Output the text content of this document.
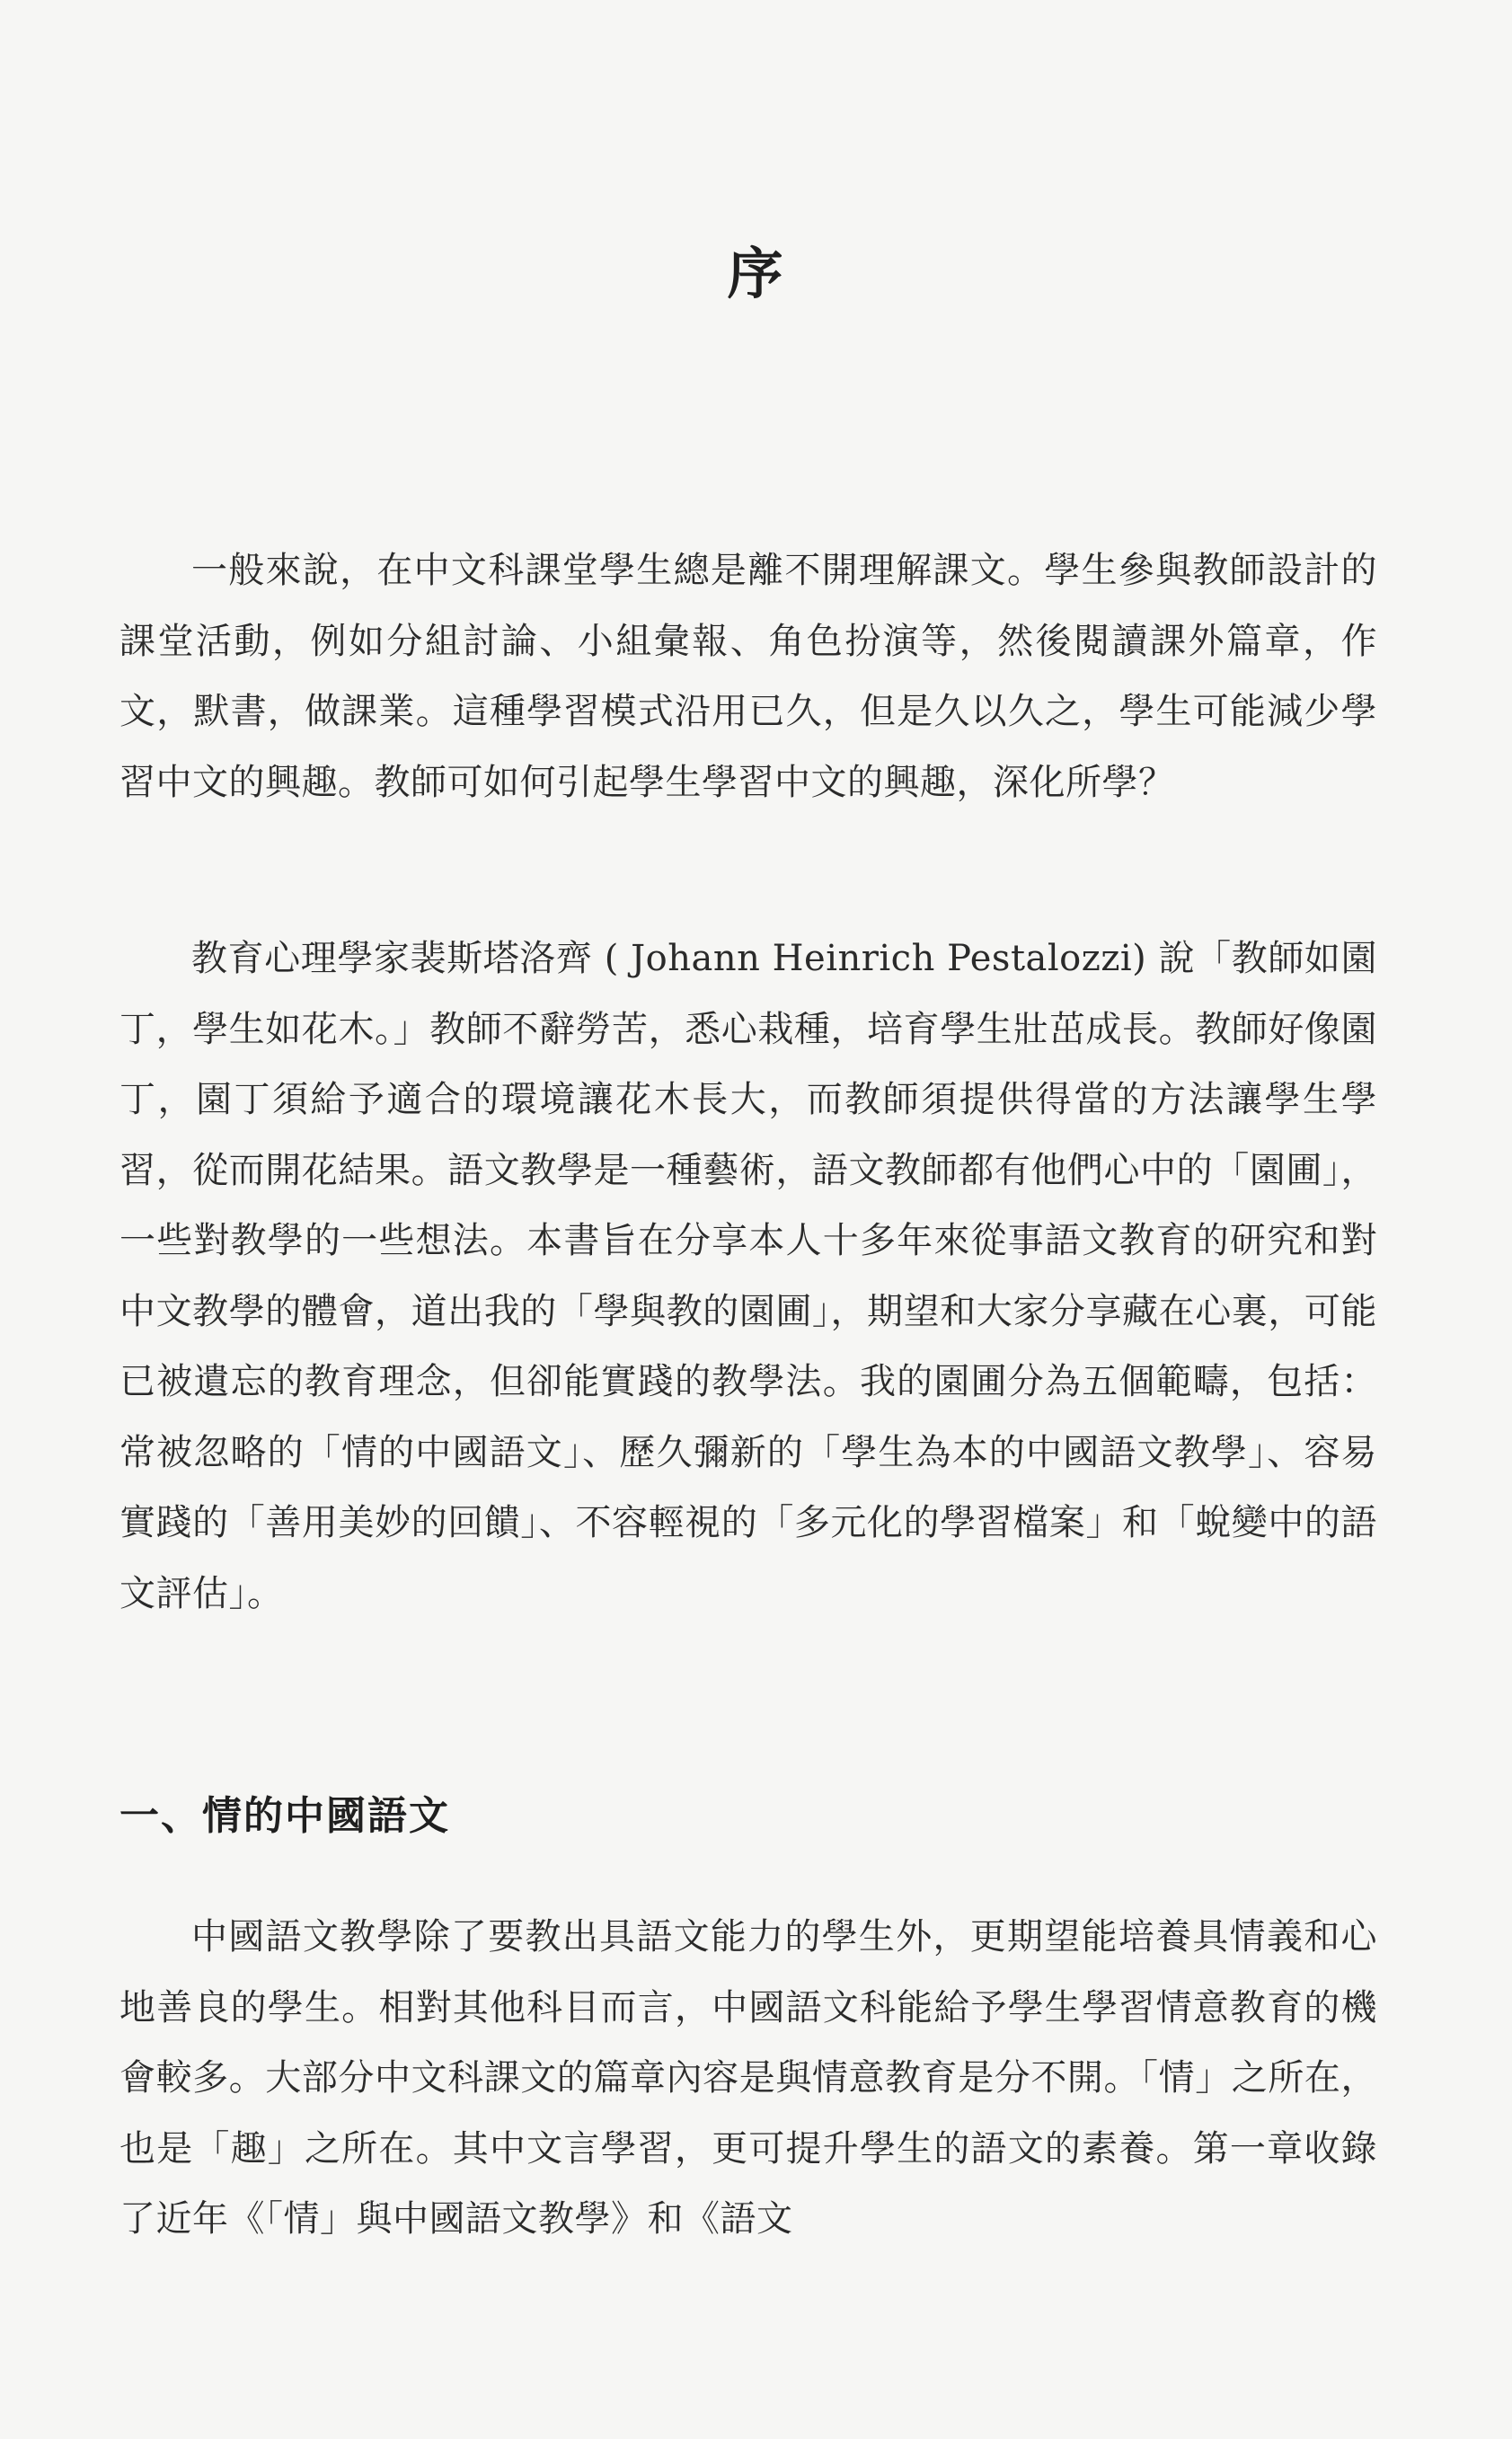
序

一般來說，在中文科課堂學生總是離不開理解課文。學生參與教師設計的課堂活動，例如分組討論、小組彙報、角色扮演等，然後閱讀課外篇章，作文，默書，做課業。這種學習模式沿用已久，但是久以久之，學生可能減少學習中文的興趣。教師可如何引起學生學習中文的興趣，深化所學？

教育心理學家裴斯塔洛齊 ( Johann Heinrich Pestalozzi) 說「教師如園丁，學生如花木。」教師不辭勞苦，悉心栽種，培育學生壯茁成長。教師好像園丁，園丁須給予適合的環境讓花木長大，而教師須提供得當的方法讓學生學習，從而開花結果。語文教學是一種藝術，語文教師都有他們心中的「園圃」，一些對教學的一些想法。本書旨在分享本人十多年來從事語文教育的研究和對中文教學的體會，道出我的「學與教的園圃」，期望和大家分享藏在心裏，可能已被遺忘的教育理念，但卻能實踐的教學法。我的園圃分為五個範疇，包括：常被忽略的「情的中國語文」、歷久彌新的「學生為本的中國語文教學」、容易實踐的「善用美妙的回饋」、不容輕視的「多元化的學習檔案」和「蛻變中的語文評估」。

一、情的中國語文

中國語文教學除了要教出具語文能力的學生外，更期望能培養具情義和心地善良的學生。相對其他科目而言，中國語文科能給予學生學習情意教育的機會較多。大部分中文科課文的篇章內容是與情意教育是分不開。「情」之所在，也是「趣」之所在。其中文言學習，更可提升學生的語文的素養。第一章收錄了近年《「情」與中國語文教學》和《語文
